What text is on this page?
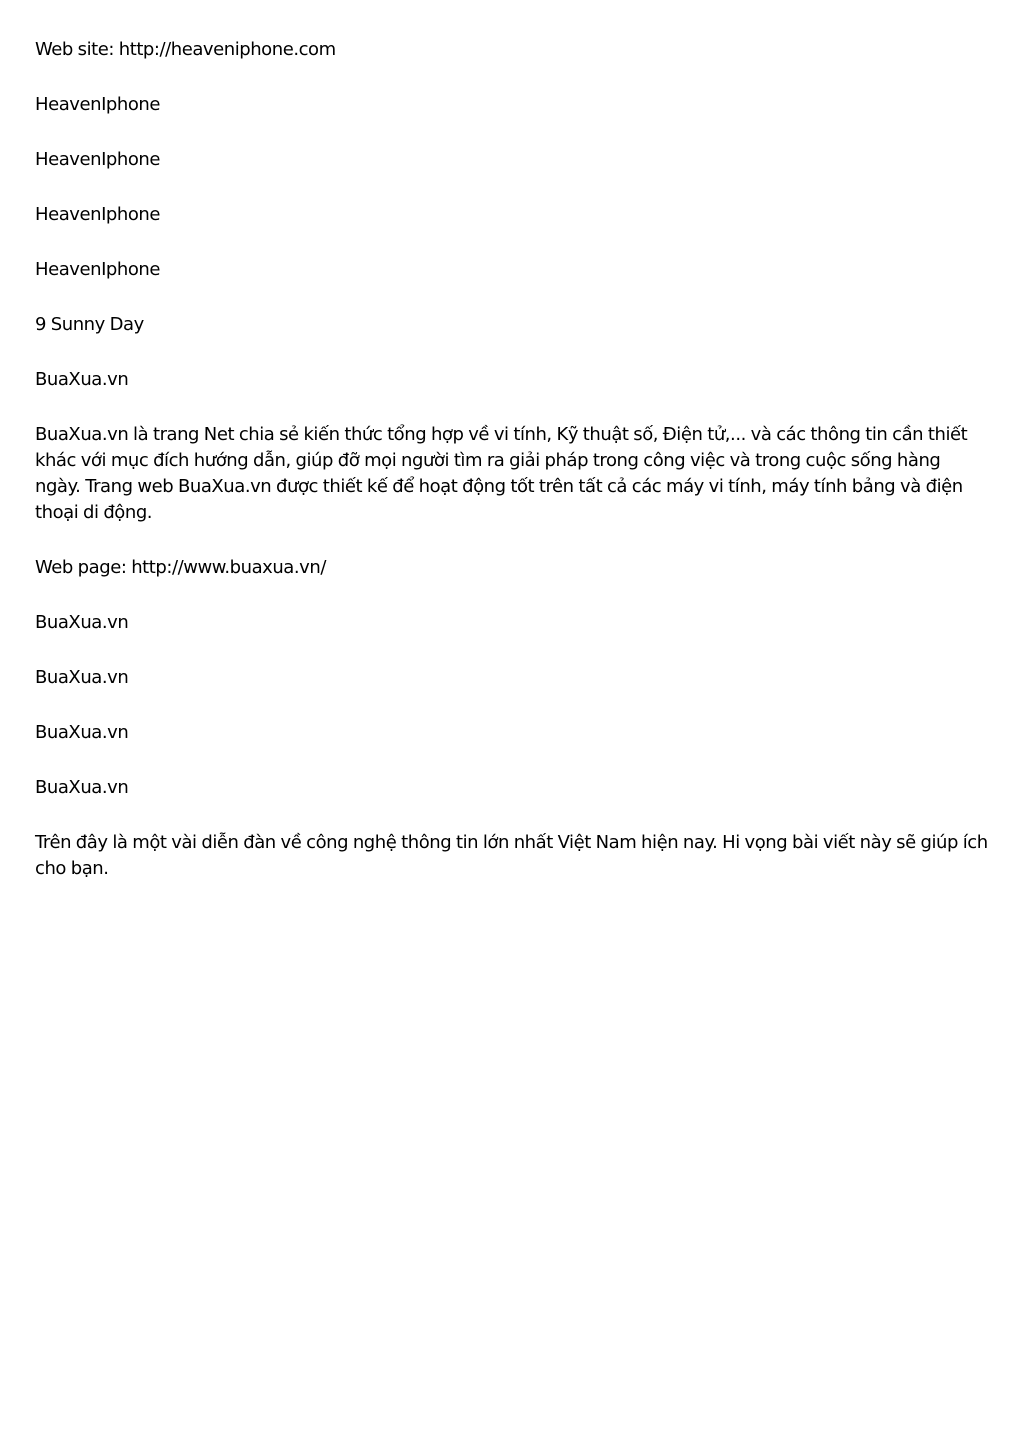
Web site: http://heaveniphone.com

HeavenIphone

HeavenIphone

HeavenIphone

HeavenIphone

9 Sunny Day

BuaXua.vn

BuaXua.vn là trang Net chia sẻ kiến thức tổng hợp về vi tính, Kỹ thuật số, Điện tử,... và các thông tin cần thiết khác với mục đích hướng dẫn, giúp đỡ mọi người tìm ra giải pháp trong công việc và trong cuộc sống hàng ngày. Trang web BuaXua.vn được thiết kế để hoạt động tốt trên tất cả các máy vi tính, máy tính bảng và điện thoại di động.

Web page: http://www.buaxua.vn/

BuaXua.vn

BuaXua.vn

BuaXua.vn

BuaXua.vn

Trên đây là một vài diễn đàn về công nghệ thông tin lớn nhất Việt Nam hiện nay. Hi vọng bài viết này sẽ giúp ích cho bạn.
